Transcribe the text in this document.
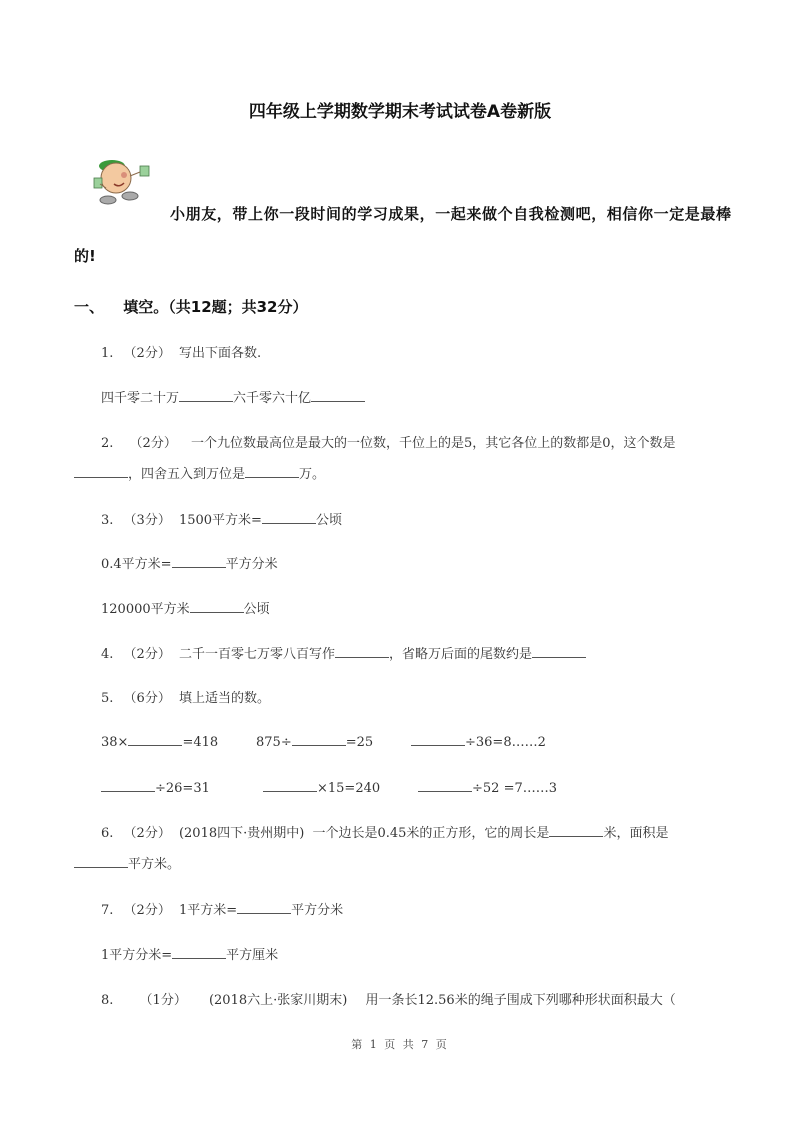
四年级上学期数学期末考试试卷A卷新版
小朋友，带上你一段时间的学习成果，一起来做个自我检测吧，相信你一定是最棒
的!
一、 填空。（共12题；共32分）
1. （2分） 写出下面各数.
四千零二十万	六千零六十亿
2. （2分） 一个九位数最高位是最大的一位数，千位上的是5，其它各位上的数都是0，这个数是
，四舍五入到万位是	万。
3. （3分） 1500平方米=	公顷
0.4平方米=	平方分米
120000平方米	公顷
4. （2分） 二千一百零七万零八百写作	，省略万后面的尾数约是
5. （6分） 填上适当的数。
38×	=418	875÷	=25	÷36=8……2
÷26=31	×15=240	÷52 =7……3
6. （2分） (2018四下·贵州期中) 一个边长是0.45米的正方形，它的周长是	米，面积是
平方米。
7. （2分） 1平方米=	平方分米
1平方分米=	平方厘米
8. （1分） (2018六上·张家川期末) 用一条长12.56米的绳子围成下列哪种形状面积最大（
第 1 页 共 7 页
